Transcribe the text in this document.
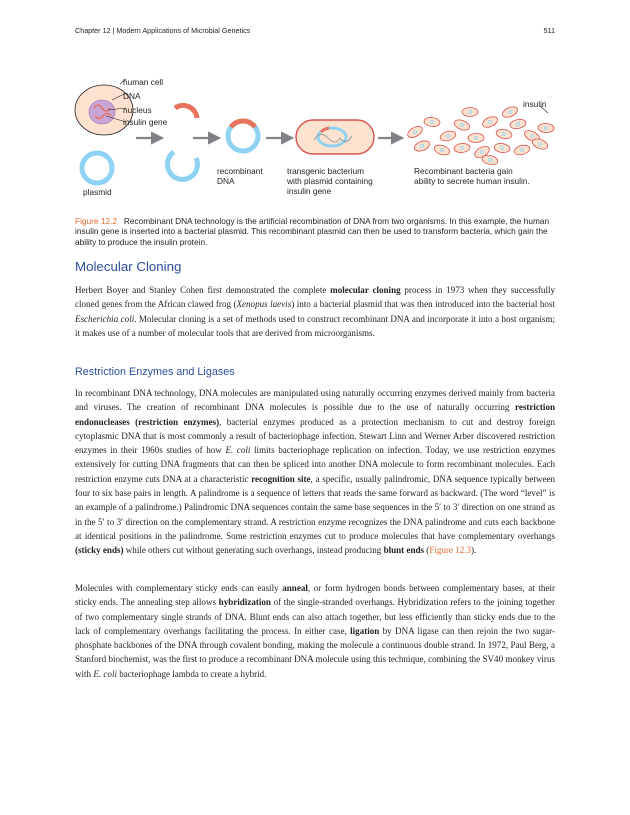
Chapter 12 | Modern Applications of Microbial Genetics	511
human cell
DNA
nucleus
insulin gene
plasmid
recombinant
DNA
transgenic bacterium
with plasmid containing
insulin gene
insulin
Recombinant bacteria gain
ability to secrete human insulin.
Figure 12.2 Recombinant DNA technology is the artificial recombination of DNA from two organisms. In this example, the human insulin gene is inserted into a bacterial plasmid. This recombinant plasmid can then be used to transform bacteria, which gain the ability to produce the insulin protein.
Molecular Cloning

Herbert Boyer and Stanley Cohen first demonstrated the complete molecular cloning process in 1973 when they successfully cloned genes from the African clawed frog (Xenopus laevis) into a bacterial plasmid that was then introduced into the bacterial host Escherichia coli. Molecular cloning is a set of methods used to construct recombinant DNA and incorporate it into a host organism; it makes use of a number of molecular tools that are derived from microorganisms.

Restriction Enzymes and Ligases

In recombinant DNA technology, DNA molecules are manipulated using naturally occurring enzymes derived mainly from bacteria and viruses. The creation of recombinant DNA molecules is possible due to the use of naturally occurring restriction endonucleases (restriction enzymes), bacterial enzymes produced as a protection mechanism to cut and destroy foreign cytoplasmic DNA that is most commonly a result of bacteriophage infection. Stewart Linn and Werner Arber discovered restriction enzymes in their 1960s studies of how E. coli limits bacteriophage replication on infection. Today, we use restriction enzymes extensively for cutting DNA fragments that can then be spliced into another DNA molecule to form recombinant molecules. Each restriction enzyme cuts DNA at a characteristic recognition site, a specific, usually palindromic, DNA sequence typically between four to six base pairs in length. A palindrome is a sequence of letters that reads the same forward as backward. (The word “level” is an example of a palindrome.) Palindromic DNA sequences contain the same base sequences in the 5′ to 3′ direction on one strand as in the 5′ to 3′ direction on the complementary strand. A restriction enzyme recognizes the DNA palindrome and cuts each backbone at identical positions in the palindrome. Some restriction enzymes cut to produce molecules that have complementary overhangs (sticky ends) while others cut without generating such overhangs, instead producing blunt ends (Figure 12.3).

Molecules with complementary sticky ends can easily anneal, or form hydrogen bonds between complementary bases, at their sticky ends. The annealing step allows hybridization of the single-stranded overhangs. Hybridization refers to the joining together of two complementary single strands of DNA. Blunt ends can also attach together, but less efficiently than sticky ends due to the lack of complementary overhangs facilitating the process. In either case, ligation by DNA ligase can then rejoin the two sugar-phosphate backbones of the DNA through covalent bonding, making the molecule a continuous double strand. In 1972, Paul Berg, a Stanford biochemist, was the first to produce a recombinant DNA molecule using this technique, combining the SV40 monkey virus with E. coli bacteriophage lambda to create a hybrid.
